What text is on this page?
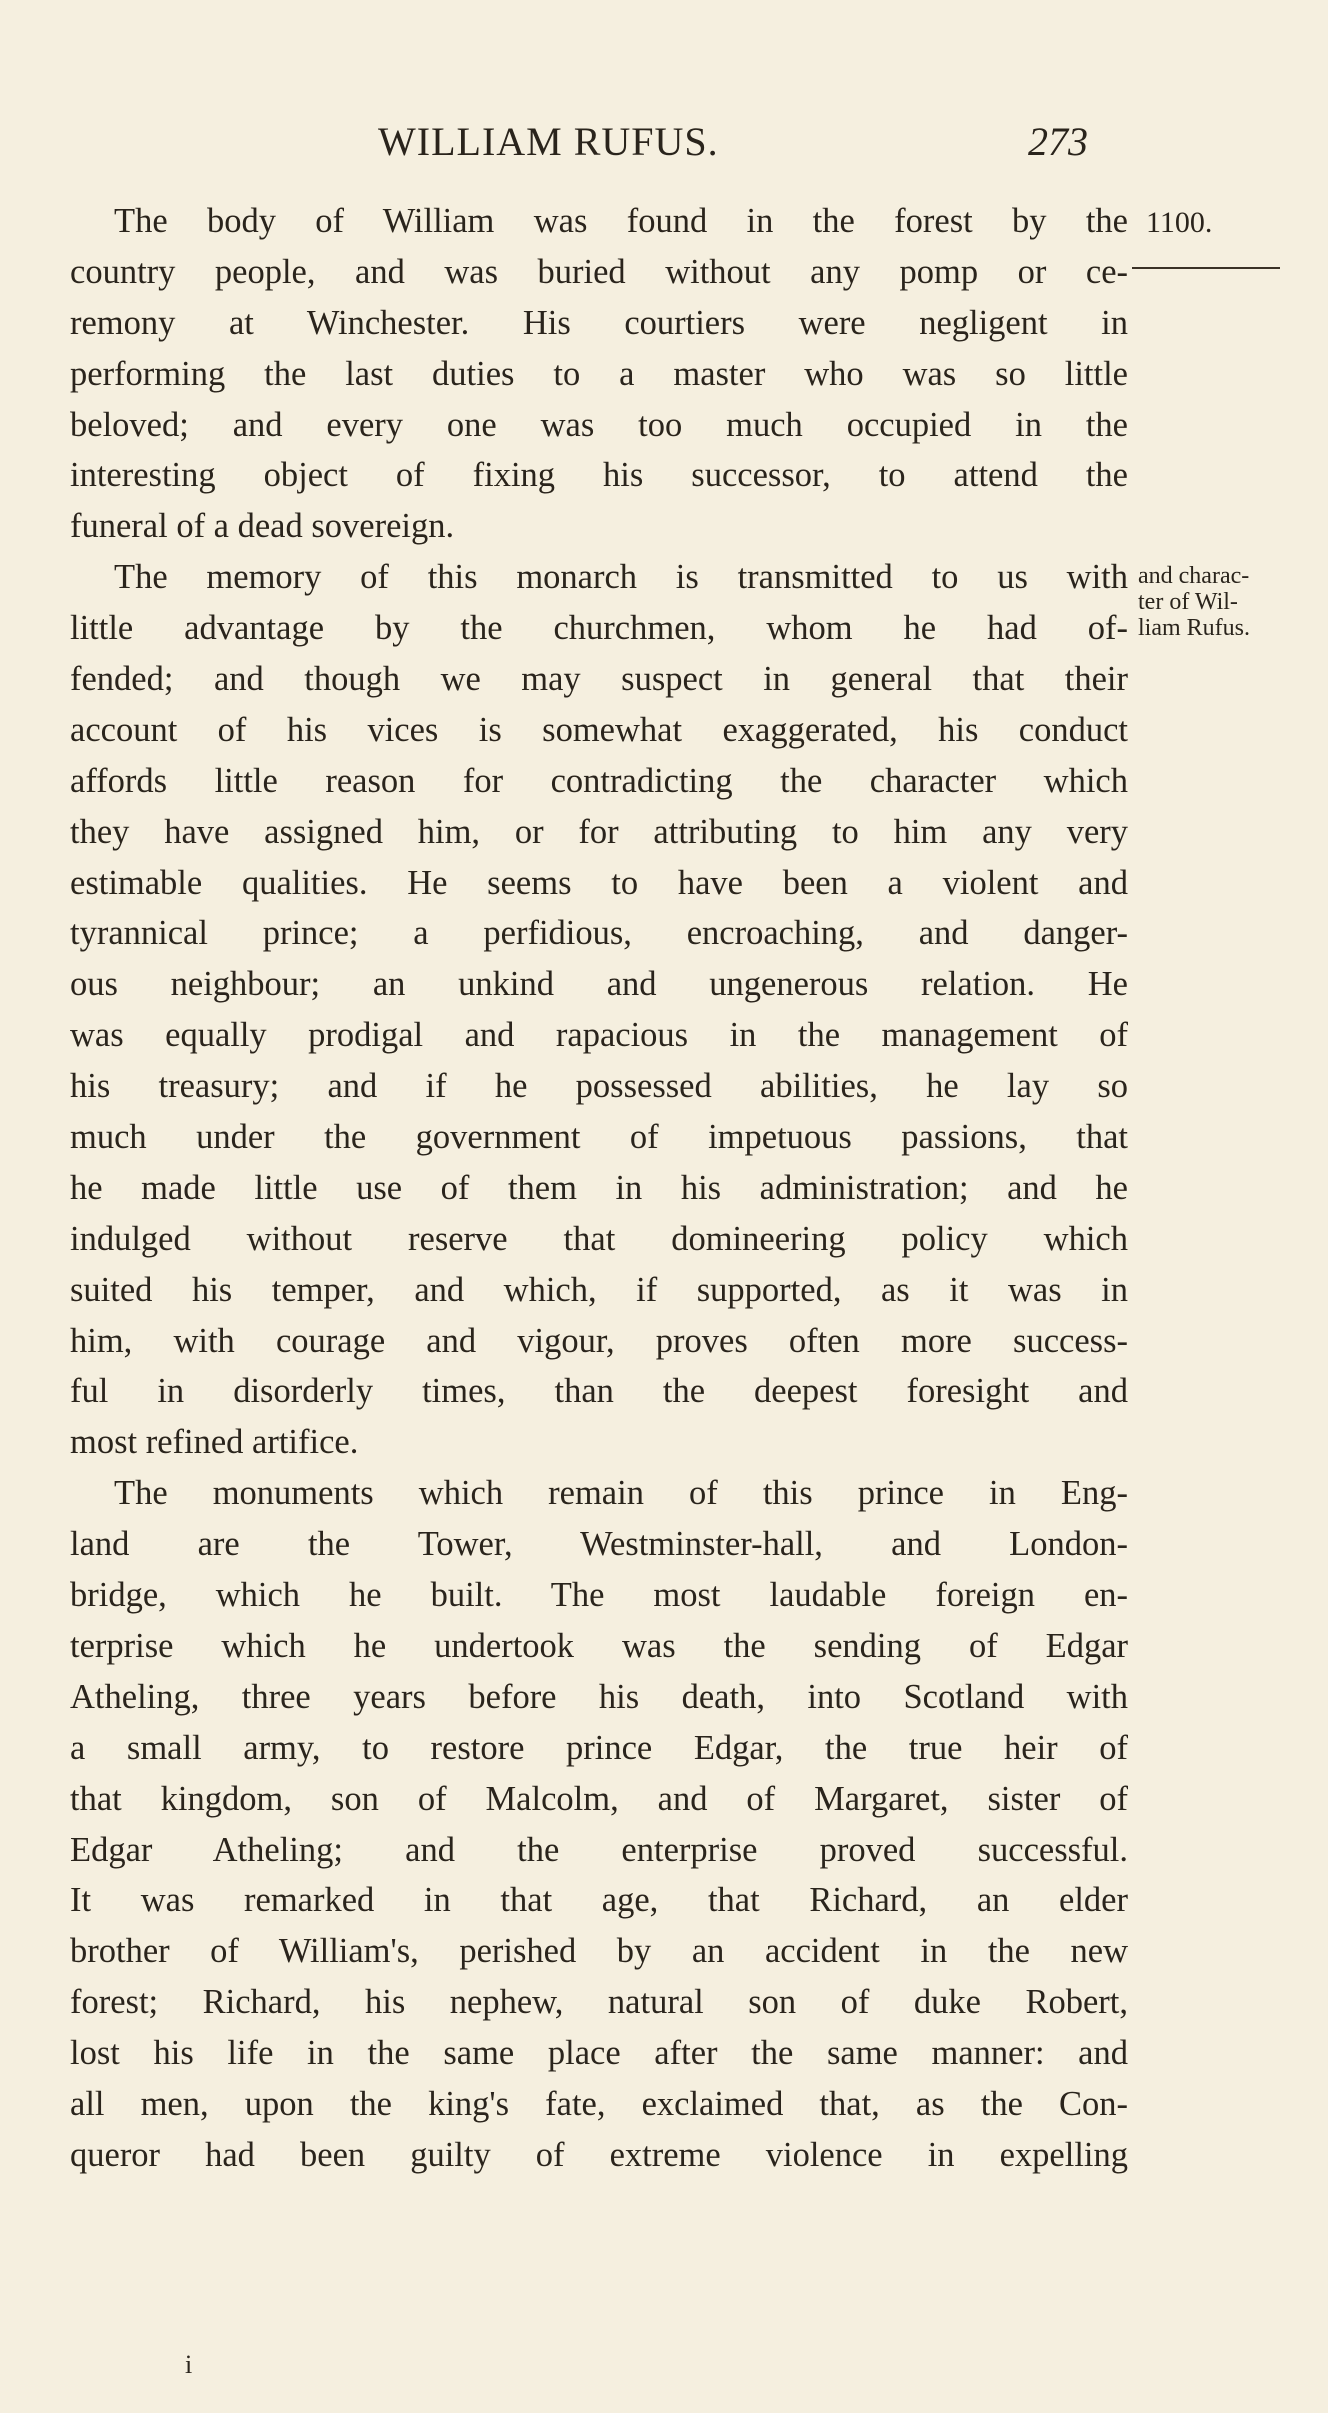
WILLIAM RUFUS.	273
1100.
and charac-
ter of Wil-
liam Rufus.
The body of William was found in the forest by the
country people, and was buried without any pomp or ce-
remony at Winchester. His courtiers were negligent in
performing the last duties to a master who was so little
beloved; and every one was too much occupied in the
interesting object of fixing his successor, to attend the
funeral of a dead sovereign.
The memory of this monarch is transmitted to us with
little advantage by the churchmen, whom he had of-
fended; and though we may suspect in general that their
account of his vices is somewhat exaggerated, his conduct
affords little reason for contradicting the character which
they have assigned him, or for attributing to him any very
estimable qualities. He seems to have been a violent and
tyrannical prince; a perfidious, encroaching, and danger-
ous neighbour; an unkind and ungenerous relation. He
was equally prodigal and rapacious in the management of
his treasury; and if he possessed abilities, he lay so
much under the government of impetuous passions, that
he made little use of them in his administration; and he
indulged without reserve that domineering policy which
suited his temper, and which, if supported, as it was in
him, with courage and vigour, proves often more success-
ful in disorderly times, than the deepest foresight and
most refined artifice.
The monuments which remain of this prince in Eng-
land are the Tower, Westminster-hall, and London-
bridge, which he built. The most laudable foreign en-
terprise which he undertook was the sending of Edgar
Atheling, three years before his death, into Scotland with
a small army, to restore prince Edgar, the true heir of
that kingdom, son of Malcolm, and of Margaret, sister of
Edgar Atheling; and the enterprise proved successful.
It was remarked in that age, that Richard, an elder
brother of William's, perished by an accident in the new
forest; Richard, his nephew, natural son of duke Robert,
lost his life in the same place after the same manner: and
all men, upon the king's fate, exclaimed that, as the Con-
queror had been guilty of extreme violence in expelling
i
